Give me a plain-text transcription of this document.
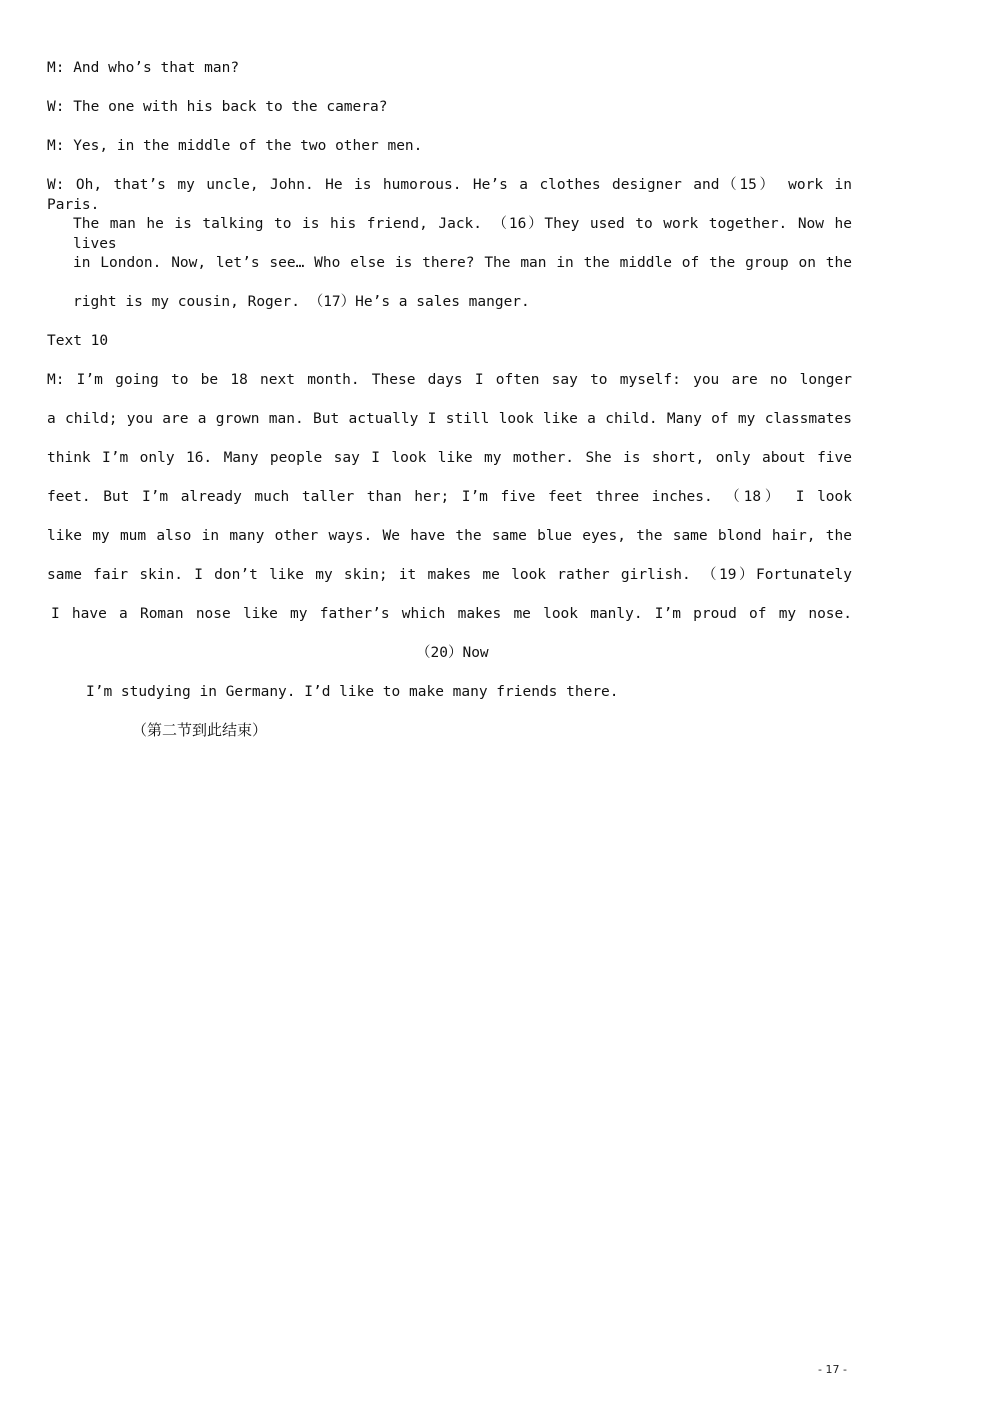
M: And who’s that man?
W: The one with his back to the camera?
M: Yes, in the middle of the two other men.
W: Oh, that’s my uncle, John. He is humorous. He’s a clothes designer and（15） work in Paris.
The man he is talking to is his friend, Jack. （16）They used to work together. Now he lives
in London. Now, let’s see… Who else is there? The man in the middle of the group on the
right is my cousin, Roger. （17）He’s a sales manger.
Text 10
M: I’m going to be 18 next month. These days I often say to myself: you are no longer
a child; you are a grown man. But actually I still look like a child. Many of my classmates
think I’m only 16. Many people say I look like my mother. She is short, only about five
feet. But I’m already much taller than her; I’m five feet three inches. （18） I look
like my mum also in many other ways. We have the same blue eyes, the same blond hair, the
same fair skin. I don’t like my skin; it makes me look rather girlish. （19）Fortunately
I have a Roman nose like my father’s which makes me look manly. I’m proud of my nose.
（20）Now
I’m studying in Germany. I’d like to make many friends there.
（第二节到此结束）
- 17 -
